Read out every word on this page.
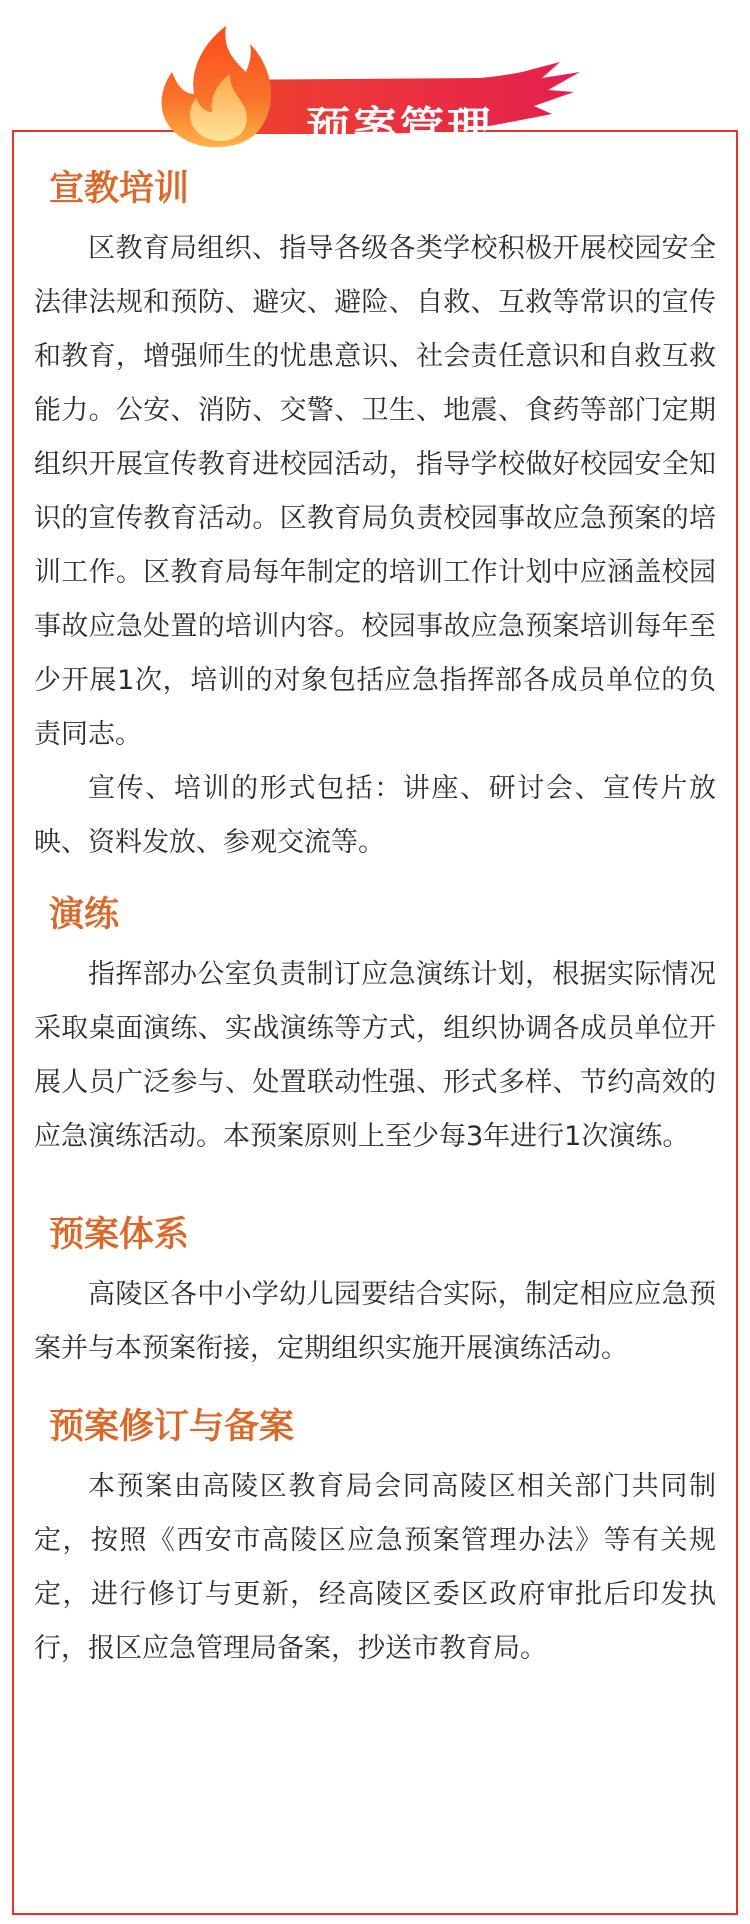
预案管理
宣教培训

区教育局组织、指导各级各类学校积极开展校园安全法律法规和预防、避灾、避险、自救、互救等常识的宣传和教育，增强师生的忧患意识、社会责任意识和自救互救能力。公安、消防、交警、卫生、地震、食药等部门定期组织开展宣传教育进校园活动，指导学校做好校园安全知识的宣传教育活动。区教育局负责校园事故应急预案的培训工作。区教育局每年制定的培训工作计划中应涵盖校园事故应急处置的培训内容。校园事故应急预案培训每年至少开展1次，培训的对象包括应急指挥部各成员单位的负责同志。

宣传、培训的形式包括：讲座、研讨会、宣传片放映、资料发放、参观交流等。

演练

指挥部办公室负责制订应急演练计划，根据实际情况采取桌面演练、实战演练等方式，组织协调各成员单位开展人员广泛参与、处置联动性强、形式多样、节约高效的应急演练活动。本预案原则上至少每3年进行1次演练。

预案体系

高陵区各中小学幼儿园要结合实际，制定相应应急预案并与本预案衔接，定期组织实施开展演练活动。

预案修订与备案

本预案由高陵区教育局会同高陵区相关部门共同制定，按照《西安市高陵区应急预案管理办法》等有关规定，进行修订与更新，经高陵区委区政府审批后印发执行，报区应急管理局备案，抄送市教育局。
